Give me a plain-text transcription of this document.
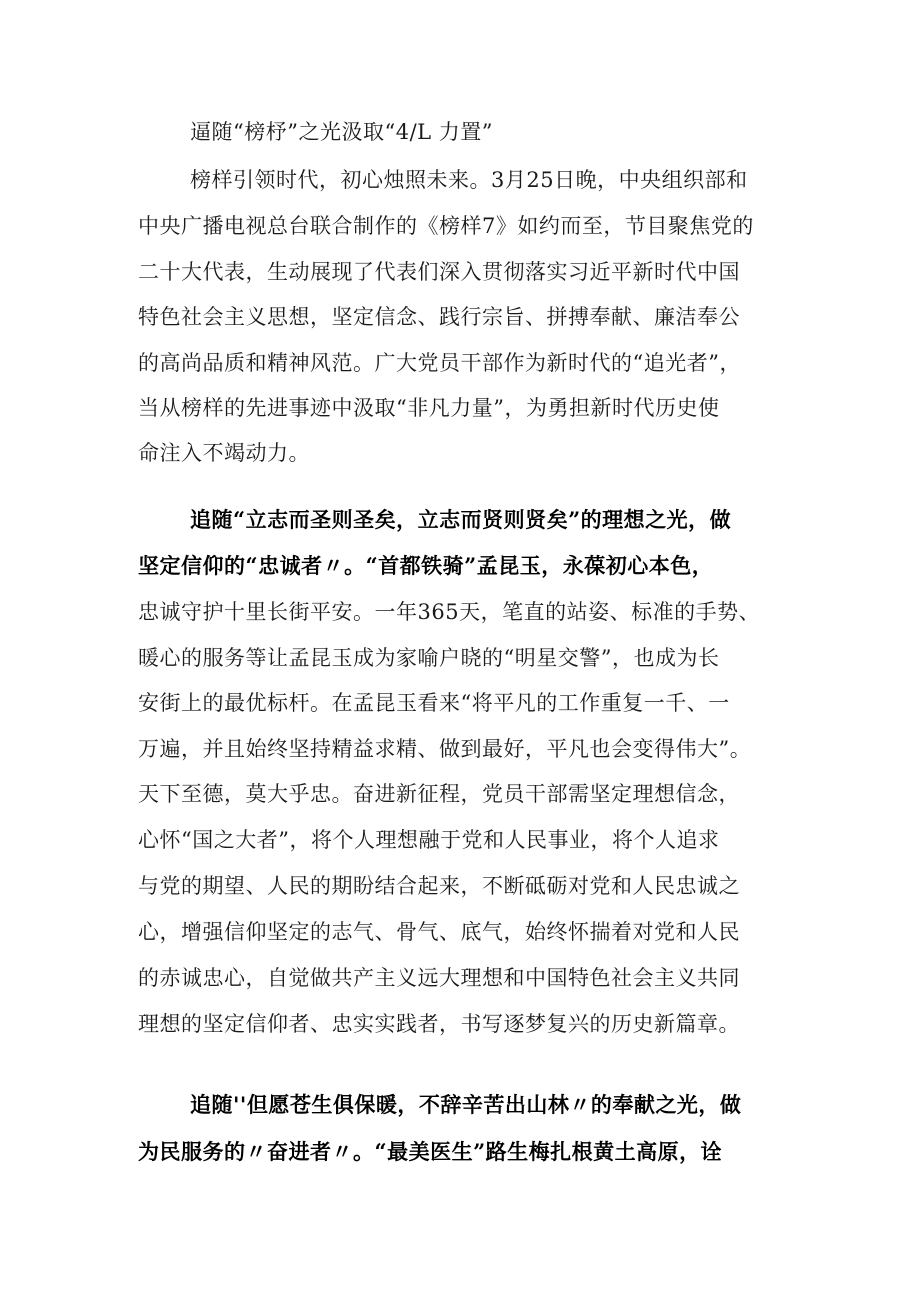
逼随“榜杼”之光汲取“4/L 力置”

榜样引领时代，初心烛照未来。3月25日晚，中央组织部和

中央广播电视总台联合制作的《榜样7》如约而至，节目聚焦党的

二十大代表，生动展现了代表们深入贯彻落实习近平新时代中国

特色社会主义思想，坚定信念、践行宗旨、拼搏奉献、廉洁奉公

的高尚品质和精神风范。广大党员干部作为新时代的“追光者”，

当从榜样的先进事迹中汲取“非凡力量”，为勇担新时代历史使

命注入不竭动力。

追随“立志而圣则圣矣，立志而贤则贤矣”的理想之光，做

坚定信仰的“忠诚者〃。“首都铁骑”孟昆玉，永葆初心本色，

忠诚守护十里长街平安。一年365天，笔直的站姿、标准的手势、

暖心的服务等让孟昆玉成为家喻户晓的“明星交警”，也成为长

安街上的最优标杆。在孟昆玉看来“将平凡的工作重复一千、一

万遍，并且始终坚持精益求精、做到最好，平凡也会变得伟大”。

天下至德，莫大乎忠。奋进新征程，党员干部需坚定理想信念，

心怀“国之大者”，将个人理想融于党和人民事业，将个人追求

与党的期望、人民的期盼结合起来，不断砥砺对党和人民忠诚之

心，增强信仰坚定的志气、骨气、底气，始终怀揣着对党和人民

的赤诚忠心，自觉做共产主义远大理想和中国特色社会主义共同

理想的坚定信仰者、忠实实践者，书写逐梦复兴的历史新篇章。

追随''但愿苍生俱保暖，不辞辛苦出山林〃的奉献之光，做

为民服务的〃奋进者〃。“最美医生”路生梅扎根黄土高原，诠
